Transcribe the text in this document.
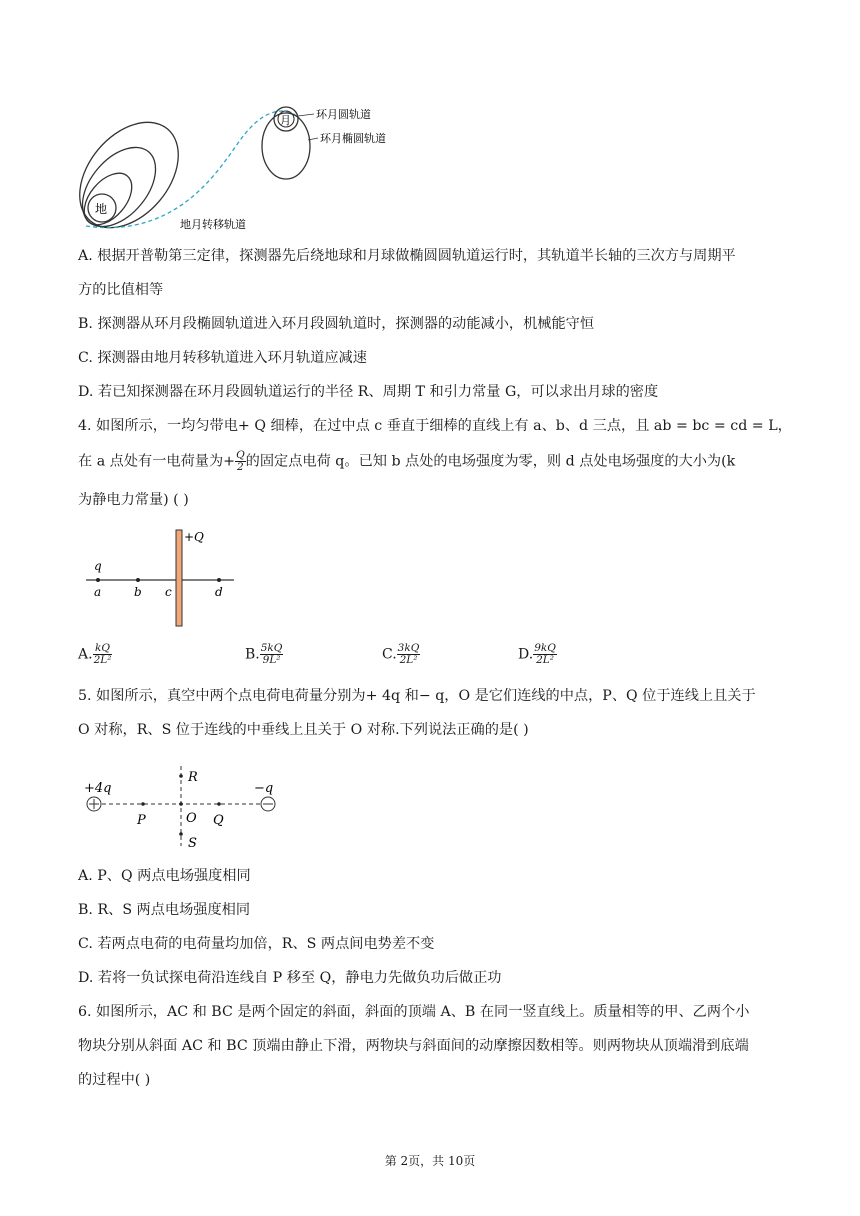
地
月 环月圆轨道
环月椭圆轨道
地月转移轨道
A. 根据开普勒第三定律，探测器先后绕地球和月球做椭圆圆轨道运行时，其轨道半长轴的三次方与周期平
方的比值相等
B. 探测器从环月段椭圆轨道进入环月段圆轨道时，探测器的动能减小，机械能守恒
C. 探测器由地月转移轨道进入环月轨道应减速
D. 若已知探测器在环月段圆轨道运行的半径 R、周期 T 和引力常量 G，可以求出月球的密度
4. 如图所示，一均匀带电+ Q 细棒，在过中点 c 垂直于细棒的直线上有 a、b、d 三点，且 ab = bc = cd = L，
在 a 点处有一电荷量为+ $\frac{Q}{2}$ 的固定点电荷 q。已知 b 点处的电场强度为零，则 d 点处电场强度的大小为(k
为静电力常量) ( )
+Q
q
a	b c	d
A. $\frac{kQ}{\text{2L²}}$	B. $\frac{5kQ}{\text{9L²}}$	C. $\frac{3kQ}{\text{2L²}}$	D. $\frac{9kQ}{\text{2L²}}$
5. 如图所示，真空中两个点电荷电荷量分别为+ 4q 和− q，O 是它们连线的中点，P、Q 位于连线上且关于
O 对称，R、S 位于连线的中垂线上且关于 O 对称.下列说法正确的是( )
+4q	−q
P	O Q
R
S
A. P、Q 两点电场强度相同
B. R、S 两点电场强度相同
C. 若两点电荷的电荷量均加倍，R、S 两点间电势差不变
D. 若将一负试探电荷沿连线自 P 移至 Q，静电力先做负功后做正功
6. 如图所示，AC 和 BC 是两个固定的斜面，斜面的顶端 A、B 在同一竖直线上。质量相等的甲、乙两个小
物块分别从斜面 AC 和 BC 顶端由静止下滑，两物块与斜面间的动摩擦因数相等。则两物块从顶端滑到底端
的过程中( )
第 2页，共 10页
